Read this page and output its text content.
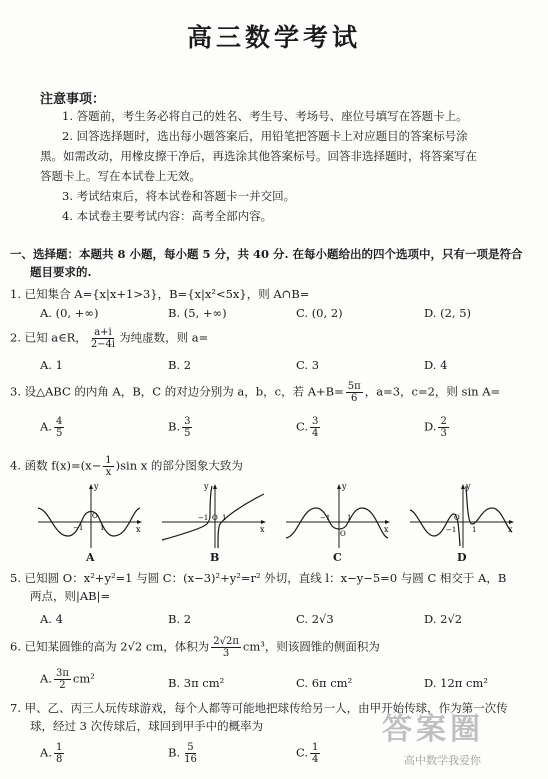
高三数学考试
注意事项：
1. 答题前，考生务必将自己的姓名、考生号、考场号、座位号填写在答题卡上。
2. 回答选择题时，选出每小题答案后，用铅笔把答题卡上对应题目的答案标号涂
黑。如需改动，用橡皮擦干净后，再选涂其他答案标号。回答非选择题时，将答案写在
答题卡上。写在本试卷上无效。
3. 考试结束后，将本试卷和答题卡一并交回。
4. 本试卷主要考试内容：高考全部内容。
一、选择题：本题共 8 小题，每小题 5 分，共 40 分. 在每小题给出的四个选项中，只有一项是符合
题目要求的.
1. 已知集合 A={x|x+1>3}，B={x|x²<5x}，则 A∩B=
A. (0, +∞)	B. (5, +∞)	C. (0, 2)	D. (2, 5)
2. 已知 a∈R， $\frac{a+i}{2-4i}$ 为纯虚数，则 a=
A. 1	B. 2	C. 3	D. 4
3. 设△ABC 的内角 A，B，C 的对边分别为 a，b，c，若 $A+B= \frac{5\pi}{6}$ ，a=3，c=2，则 sin A=
A. $\frac{4}{5}$	B. $\frac{3}{5}$	C. $\frac{3}{4}$	D. $\frac{2}{3}$
4. 函数 $f(x)=(x- \frac{1}{x} )\sin$ x 的部分图象大致为
y
x
−1 1
O
A
y
x
−1 1
O
B
y
x
−1 1
O
C
y
x
−1 1
O
D
5. 已知圆 O：x²+y²=1 与圆 C：(x−3)²+y²=r² 外切，直线 l：x−y−5=0 与圆 C 相交于 A，B
两点，则|AB|=
A. 4	B. 2	C. 2√3	D. 2√2
6. 已知某圆锥的高为 2√2 cm，体积为 $\frac{2√2\pi}{3} cm^3$，则该圆锥的侧面积为
A. $\frac{3\pi}{2} cm^2$	B. 3π cm²	C. 6π cm²	D. 12π cm²
7. 甲、乙、丙三人玩传球游戏，每个人都等可能地把球传给另一人，由甲开始传球，作为第一次传
球，经过 3 次传球后，球回到甲手中的概率为
A. $\frac{1}{8}$	B. $\frac{5}{16}$	C. $\frac{1}{4}$
答案圈
高中数学我爱你
